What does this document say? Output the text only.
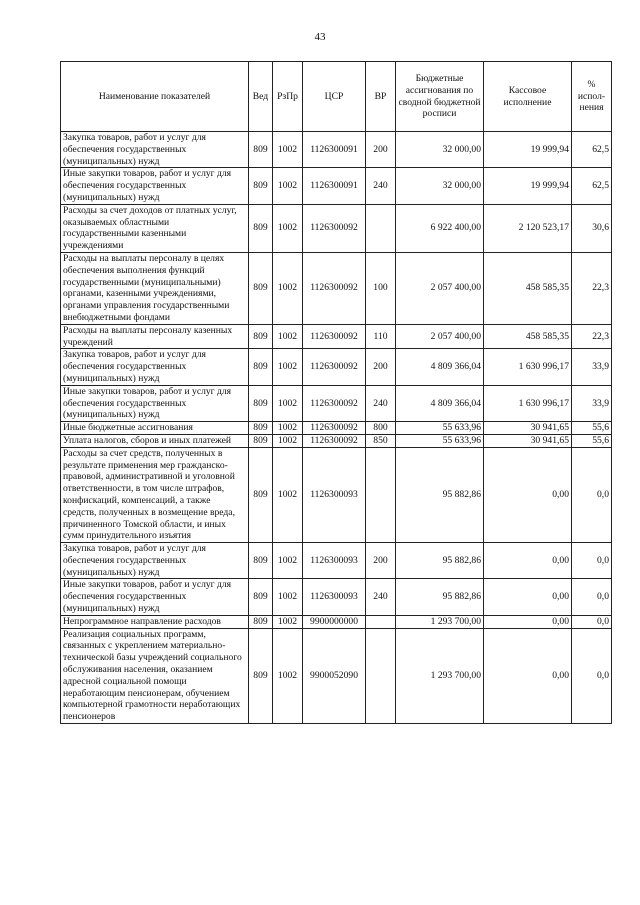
43
Наименование показателей	Вед	РзПр	ЦСР	ВР	Бюджетные ассигнования по сводной бюджетной росписи	Кассовое исполнение	% испол-нения
Закупка товаров, работ и услуг для обеспечения государственных (муниципальных) нужд	809	1002	1126300091	200	32 000,00	19 999,94	62,5
Иные закупки товаров, работ и услуг для обеспечения государственных (муниципальных) нужд	809	1002	1126300091	240	32 000,00	19 999,94	62,5
Расходы за счет доходов от платных услуг, оказываемых областными государственными казенными учреждениями	809	1002	1126300092		6 922 400,00	2 120 523,17	30,6
Расходы на выплаты персоналу в целях обеспечения выполнения функций государственными (муниципальными) органами, казенными учреждениями, органами управления государственными внебюджетными фондами	809	1002	1126300092	100	2 057 400,00	458 585,35	22,3
Расходы на выплаты персоналу казенных учреждений	809	1002	1126300092	110	2 057 400,00	458 585,35	22,3
Закупка товаров, работ и услуг для обеспечения государственных (муниципальных) нужд	809	1002	1126300092	200	4 809 366,04	1 630 996,17	33,9
Иные закупки товаров, работ и услуг для обеспечения государственных (муниципальных) нужд	809	1002	1126300092	240	4 809 366,04	1 630 996,17	33,9
Иные бюджетные ассигнования	809	1002	1126300092	800	55 633,96	30 941,65	55,6
Уплата налогов, сборов и иных платежей	809	1002	1126300092	850	55 633,96	30 941,65	55,6
Расходы за счет средств, полученных в результате применения мер гражданско-правовой, административной и уголовной ответственности, в том числе штрафов, конфискаций, компенсаций, а также средств, полученных в возмещение вреда, причиненного Томской области, и иных сумм принудительного изъятия	809	1002	1126300093		95 882,86	0,00	0,0
Закупка товаров, работ и услуг для обеспечения государственных (муниципальных) нужд	809	1002	1126300093	200	95 882,86	0,00	0,0
Иные закупки товаров, работ и услуг для обеспечения государственных (муниципальных) нужд	809	1002	1126300093	240	95 882,86	0,00	0,0
Непрограммное направление расходов	809	1002	9900000000		1 293 700,00	0,00	0,0
Реализация социальных программ, связанных с укреплением материально-технической базы учреждений социального обслуживания населения, оказанием адресной социальной помощи неработающим пенсионерам, обучением компьютерной грамотности неработающих пенсионеров	809	1002	9900052090		1 293 700,00	0,00	0,0
